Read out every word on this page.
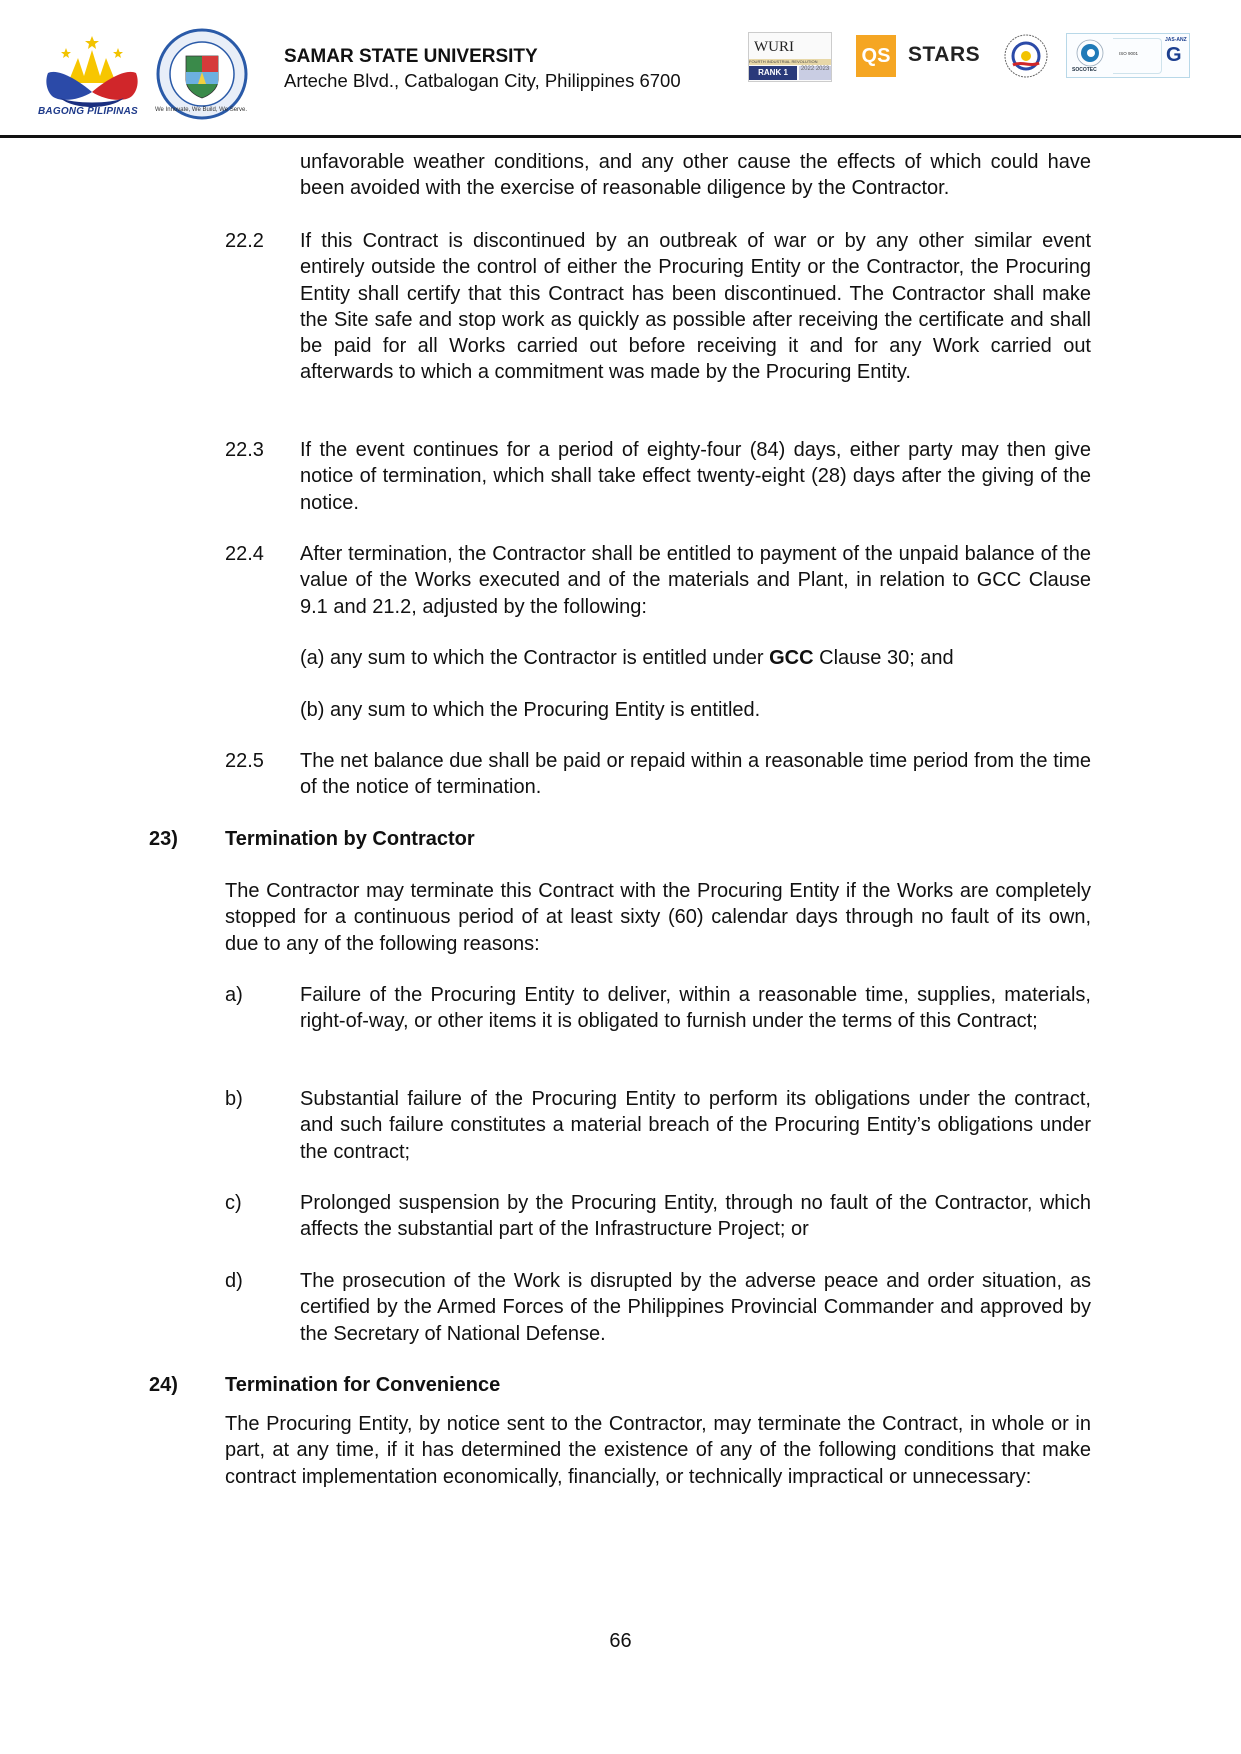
BAGONG PILIPINAS	We Innovate, We Build, We Serve.
SAMAR STATE UNIVERSITY
Arteche Blvd., Catbalogan City, Philippines 6700
WURI
FOURTH INDUSTRIAL REVOLUTION
RANK 1	2022 2023
QS STARS
SOCOTEC
ISO 9001
JAS-ANZ
G
unfavorable weather conditions, and any other cause the effects of which could have been avoided with the exercise of reasonable diligence by the Contractor.
22.2 If this Contract is discontinued by an outbreak of war or by any other similar event entirely outside the control of either the Procuring Entity or the Contractor, the Procuring Entity shall certify that this Contract has been discontinued. The Contractor shall make the Site safe and stop work as quickly as possible after receiving the certificate and shall be paid for all Works carried out before receiving it and for any Work carried out afterwards to which a commitment was made by the Procuring Entity.
22.3 If the event continues for a period of eighty-four (84) days, either party may then give notice of termination, which shall take effect twenty-eight (28) days after the giving of the notice.
22.4 After termination, the Contractor shall be entitled to payment of the unpaid balance of the value of the Works executed and of the materials and Plant, in relation to GCC Clause 9.1 and 21.2, adjusted by the following:
(a) any sum to which the Contractor is entitled under GCC Clause 30; and
(b) any sum to which the Procuring Entity is entitled.
22.5 The net balance due shall be paid or repaid within a reasonable time period from the time of the notice of termination.
23) Termination by Contractor
The Contractor may terminate this Contract with the Procuring Entity if the Works are completely stopped for a continuous period of at least sixty (60) calendar days through no fault of its own, due to any of the following reasons:
a)	Failure of the Procuring Entity to deliver, within a reasonable time, supplies, materials, right-of-way, or other items it is obligated to furnish under the terms of this Contract;
b)	Substantial failure of the Procuring Entity to perform its obligations under the contract, and such failure constitutes a material breach of the Procuring Entity’s obligations under the contract;
c)	Prolonged suspension by the Procuring Entity, through no fault of the Contractor, which affects the substantial part of the Infrastructure Project; or
d)	The prosecution of the Work is disrupted by the adverse peace and order situation, as certified by the Armed Forces of the Philippines Provincial Commander and approved by the Secretary of National Defense.
24) Termination for Convenience
The Procuring Entity, by notice sent to the Contractor, may terminate the Contract, in whole or in part, at any time, if it has determined the existence of any of the following conditions that make contract implementation economically, financially, or technically impractical or unnecessary:
66
